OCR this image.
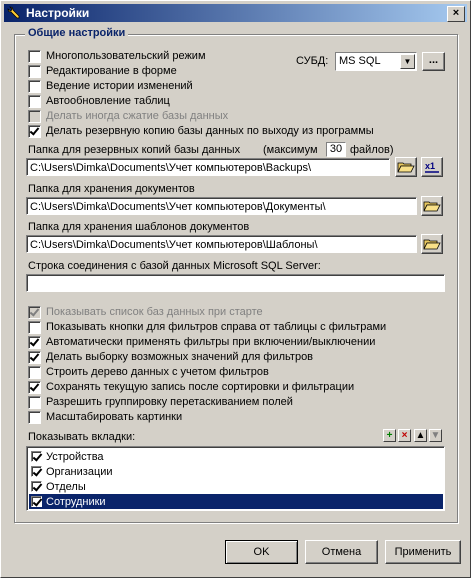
Настройки	×
Общие настройки
Многопользовательский режим
Редактирование в форме
Ведение истории изменений
Автообновление таблиц
Делать иногда сжатие базы данных
Делать резервную копию базы данных по выходу из программы
СУБД: MS SQL	▼	...
Папка для резервных копий базы данных (максимум	30 файлов)
C:\Users\Dimka\Documents\Учет компьютеров\Backups\	x1
Папка для хранения документов
C:\Users\Dimka\Documents\Учет компьютеров\Документы\
Папка для хранения шаблонов документов
C:\Users\Dimka\Documents\Учет компьютеров\Шаблоны\
Строка соединения с базой данных Microsoft SQL Server:
Показывать список баз данных при старте
Показывать кнопки для фильтров справа от таблицы с фильтрами
Автоматически применять фильтры при включении/выключении
Делать выборку возможных значений для фильтров
Строить дерево данных с учетом фильтров
Сохранять текущую запись после сортировки и фильтрации
Разрешить группировку перетаскиванием полей
Масштабировать картинки
Показывать вкладки:	+ × ▲ ▼
Устройства
Организации
Отделы
Сотрудники
OK	Отмена	Применить
